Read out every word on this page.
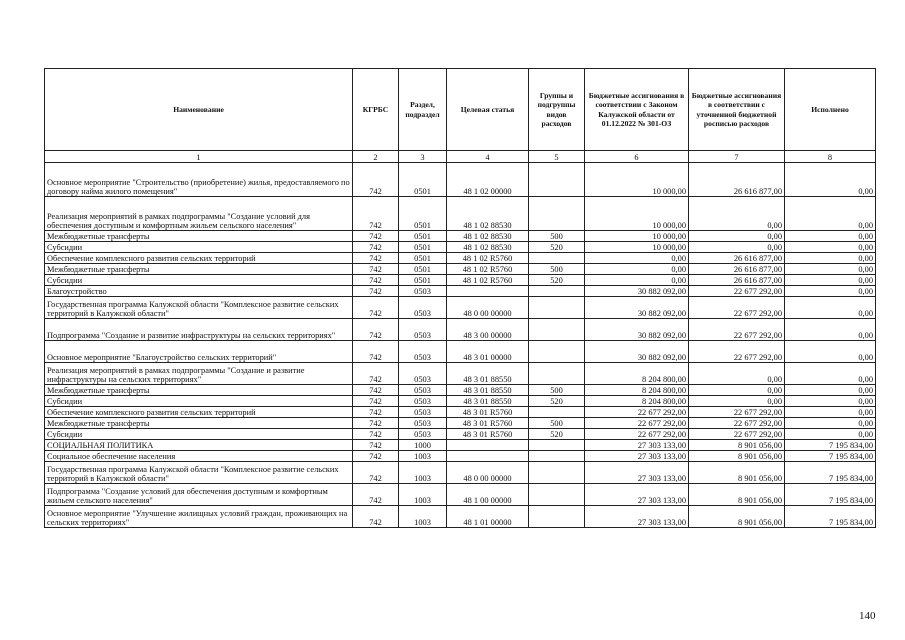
Наименование	КГРБС	Раздел, подраздел	Целевая статья	Группы и подгруппы видов расходов	Бюджетные ассигнования в соответствии с Законом Калужской области от 01.12.2022 № 301-ОЗ	Бюджетные ассигнования в соответствии с уточненной бюджетной росписью расходов	Исполнено
1	2	3	4	5	6	7	8
Основное мероприятие "Строительство (приобретение) жилья, предоставляемого по договору найма жилого помещения"	742	0501	48 1 02 00000		10 000,00	26 616 877,00	0,00
Реализация мероприятий в рамках подпрограммы "Создание условий для обеспечения доступным и комфортным жильем сельского населения"	742	0501	48 1 02 88530		10 000,00	0,00	0,00
Межбюджетные трансферты	742	0501	48 1 02 88530	500	10 000,00	0,00	0,00
Субсидии	742	0501	48 1 02 88530	520	10 000,00	0,00	0,00
Обеспечение комплексного развития сельских территорий	742	0501	48 1 02 R5760		0,00	26 616 877,00	0,00
Межбюджетные трансферты	742	0501	48 1 02 R5760	500	0,00	26 616 877,00	0,00
Субсидии	742	0501	48 1 02 R5760	520	0,00	26 616 877,00	0,00
Благоустройство	742	0503			30 882 092,00	22 677 292,00	0,00
Государственная программа Калужской области "Комплексное развитие сельских территорий в Калужской области"	742	0503	48 0 00 00000		30 882 092,00	22 677 292,00	0,00
Подпрограмма "Создание и развитие инфраструктуры на сельских территориях"	742	0503	48 3 00 00000		30 882 092,00	22 677 292,00	0,00
Основное мероприятие "Благоустройство сельских территорий"	742	0503	48 3 01 00000		30 882 092,00	22 677 292,00	0,00
Реализация мероприятий в рамках подпрограммы "Создание и развитие инфраструктуры на сельских территориях"	742	0503	48 3 01 88550		8 204 800,00	0,00	0,00
Межбюджетные трансферты	742	0503	48 3 01 88550	500	8 204 800,00	0,00	0,00
Субсидии	742	0503	48 3 01 88550	520	8 204 800,00	0,00	0,00
Обеспечение комплексного развития сельских территорий	742	0503	48 3 01 R5760		22 677 292,00	22 677 292,00	0,00
Межбюджетные трансферты	742	0503	48 3 01 R5760	500	22 677 292,00	22 677 292,00	0,00
Субсидии	742	0503	48 3 01 R5760	520	22 677 292,00	22 677 292,00	0,00
СОЦИАЛЬНАЯ ПОЛИТИКА	742	1000			27 303 133,00	8 901 056,00	7 195 834,00
Социальное обеспечение населения	742	1003			27 303 133,00	8 901 056,00	7 195 834,00
Государственная программа Калужской области "Комплексное развитие сельских территорий в Калужской области"	742	1003	48 0 00 00000		27 303 133,00	8 901 056,00	7 195 834,00
Подпрограмма "Создание условий для обеспечения доступным и комфортным жильем сельского населения"	742	1003	48 1 00 00000		27 303 133,00	8 901 056,00	7 195 834,00
Основное мероприятие "Улучшение жилищных условий граждан, проживающих на сельских территориях"	742	1003	48 1 01 00000		27 303 133,00	8 901 056,00	7 195 834,00
140
